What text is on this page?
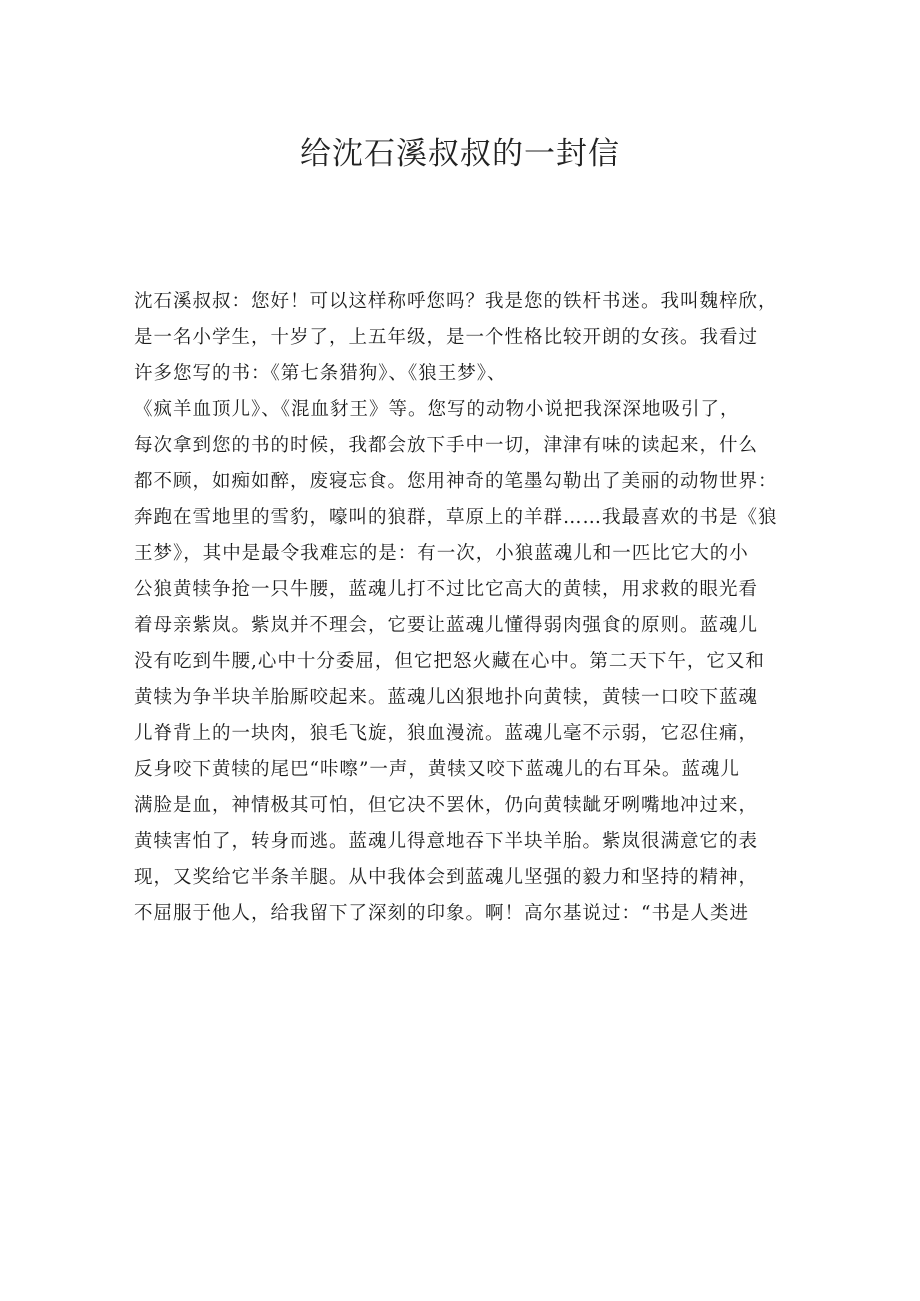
给沈石溪叔叔的一封信
沈石溪叔叔：您好！可以这样称呼您吗？我是您的铁杆书迷。我叫魏梓欣，
是一名小学生，十岁了，上五年级，是一个性格比较开朗的女孩。我看过
许多您写的书：《第七条猎狗》、《狼王梦》、
《疯羊血顶儿》、《混血豺王》等。您写的动物小说把我深深地吸引了，
每次拿到您的书的时候，我都会放下手中一切，津津有味的读起来，什么
都不顾，如痴如醉，废寝忘食。您用神奇的笔墨勾勒出了美丽的动物世界：
奔跑在雪地里的雪豹，嚎叫的狼群，草原上的羊群……我最喜欢的书是《狼
王梦》，其中是最令我难忘的是：有一次，小狼蓝魂儿和一匹比它大的小
公狼黄犊争抢一只牛腰，蓝魂儿打不过比它高大的黄犊，用求救的眼光看
着母亲紫岚。紫岚并不理会，它要让蓝魂儿懂得弱肉强食的原则。蓝魂儿
没有吃到牛腰,心中十分委屈，但它把怒火藏在心中。第二天下午，它又和
黄犊为争半块羊胎厮咬起来。蓝魂儿凶狠地扑向黄犊，黄犊一口咬下蓝魂
儿脊背上的一块肉，狼毛飞旋，狼血漫流。蓝魂儿毫不示弱，它忍住痛，
反身咬下黄犊的尾巴“咔嚓”一声，黄犊又咬下蓝魂儿的右耳朵。蓝魂儿
满脸是血，神情极其可怕，但它决不罢休，仍向黄犊龇牙咧嘴地冲过来，
黄犊害怕了，转身而逃。蓝魂儿得意地吞下半块羊胎。紫岚很满意它的表
现，又奖给它半条羊腿。从中我体会到蓝魂儿坚强的毅力和坚持的精神，
不屈服于他人，给我留下了深刻的印象。啊！高尔基说过：“书是人类进
